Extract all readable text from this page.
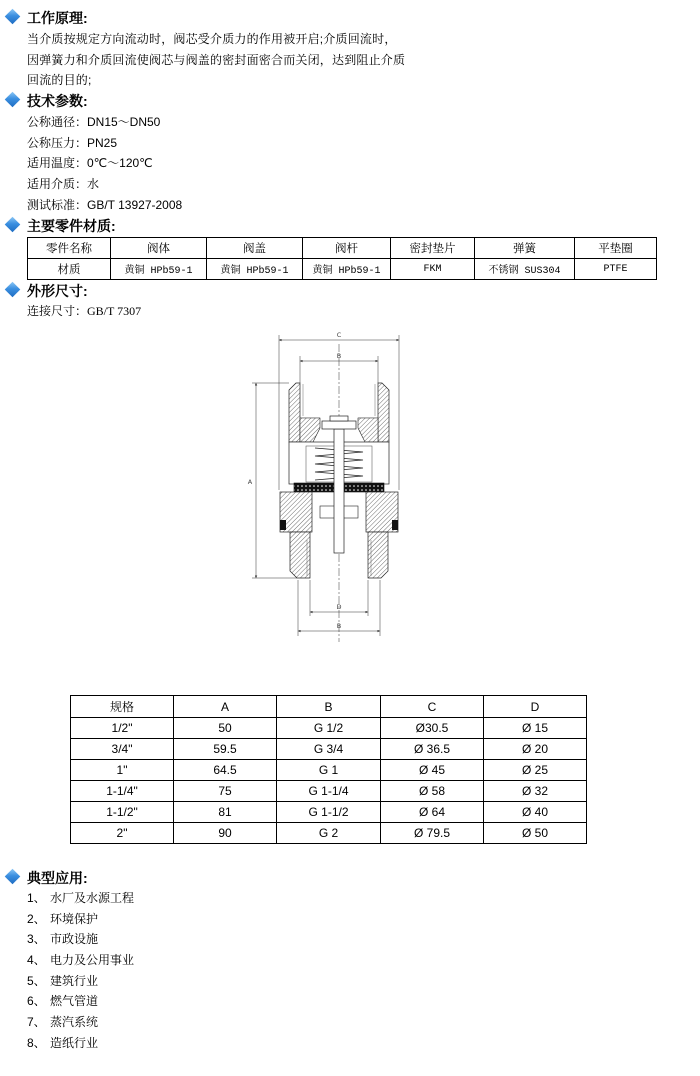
工作原理:
当介质按规定方向流动时，阀芯受介质力的作用被开启;介质回流时，
因弹簧力和介质回流使阀芯与阀盖的密封面密合而关闭，达到阻止介质
回流的目的;
技术参数:
公称通径：DN15～DN50
公称压力：PN25
适用温度：0℃～120℃
适用介质：水
测试标准：GB/T 13927-2008
主要零件材质:
零件名称	阀体	阀盖	阀杆	密封垫片	弹簧	平垫圈
材质	黄铜 HPb59-1	黄铜 HPb59-1	黄铜 HPb59-1	FKM	不锈钢 SUS304	PTFE
外形尺寸:
连接尺寸：GB/T 7307
C
B
A
D
B
规格	A	B	C	D
1/2"	50	G 1/2	Ø30.5	Ø 15
3/4"	59.5	G 3/4	Ø 36.5	Ø 20
1"	64.5	G 1	Ø 45	Ø 25
1-1/4"	75	G 1-1/4	Ø 58	Ø 32
1-1/2"	81	G 1-1/2	Ø 64	Ø 40
2"	90	G 2	Ø 79.5	Ø 50
典型应用:
1、 水厂及水源工程
2、 环境保护
3、 市政设施
4、 电力及公用事业
5、 建筑行业
6、 燃气管道
7、 蒸汽系统
8、 造纸行业
